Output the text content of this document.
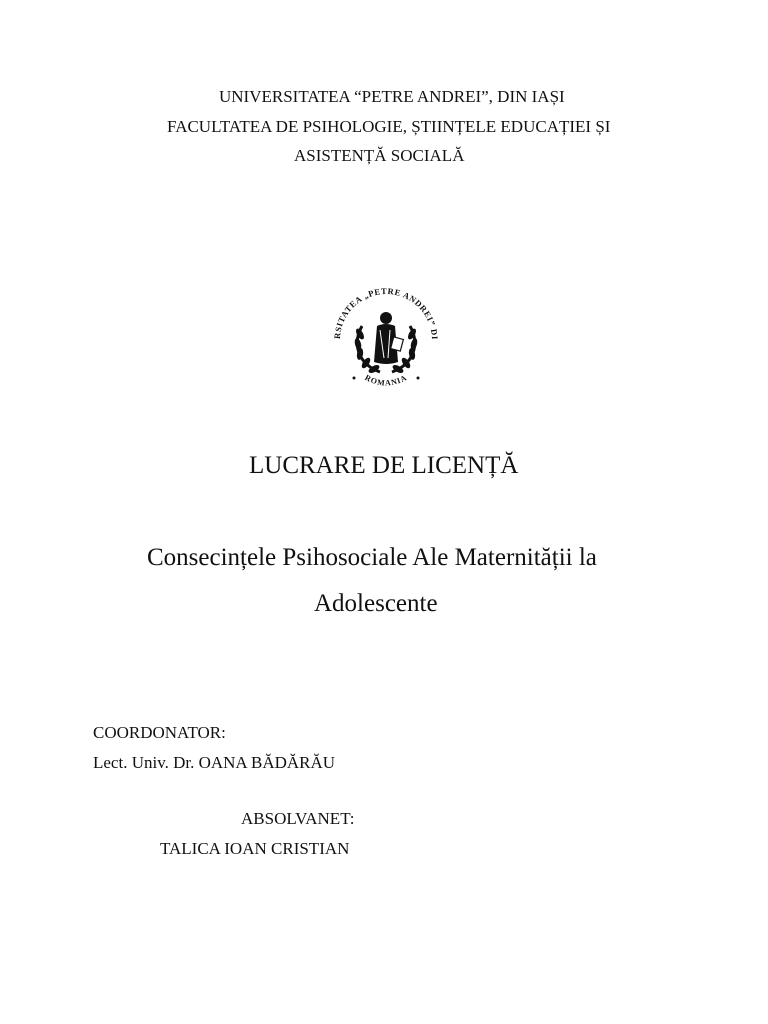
UNIVERSITATEA “PETRE ANDREI”, DIN IAȘI
FACULTATEA DE PSIHOLOGIE, ȘTIINȚELE EDUCAȚIEI ȘI
ASISTENȚĂ SOCIALĂ
RSITATEA „PETRE ANDREI” DI
ROMANIA
LUCRARE DE LICENȚĂ
Consecințele Psihosociale Ale Maternității la
Adolescente
COORDONATOR:
Lect. Univ. Dr. OANA BĂDĂRĂU
ABSOLVANET:
TALICA IOAN CRISTIAN
